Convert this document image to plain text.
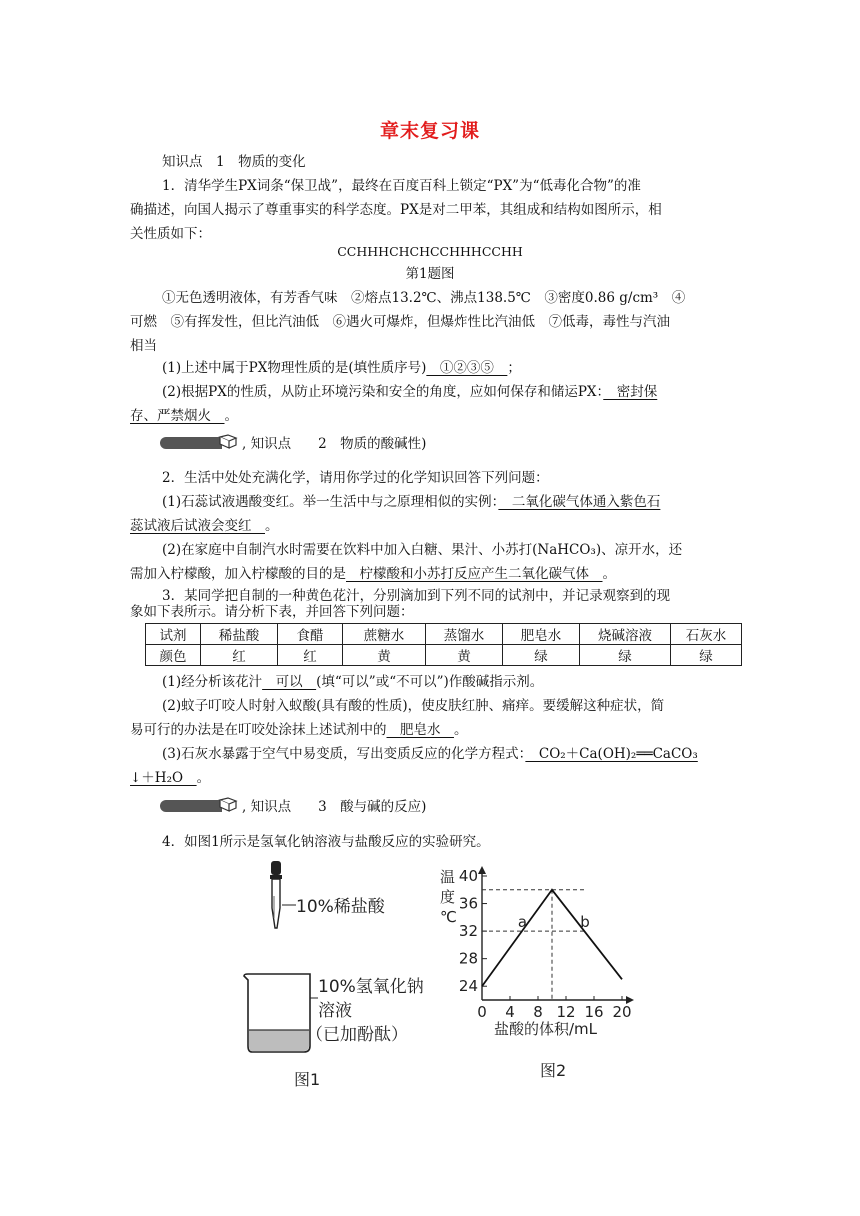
章末复习课
知识点　1　物质的变化
1．清华学生PX词条“保卫战”，最终在百度百科上锁定“PX”为“低毒化合物”的准
确描述，向国人揭示了尊重事实的科学态度。PX是对二甲苯，其组成和结构如图所示，相
关性质如下：
CCHHHCHCHCCHHHCCHH
第1题图
①无色透明液体，有芳香气味　②熔点13.2℃、沸点138.5℃　③密度0.86 g/cm³　④
可燃　⑤有挥发性，但比汽油低　⑥遇火可爆炸，但爆炸性比汽油低　⑦低毒，毒性与汽油
相当
(1)上述中属于PX物理性质的是(填性质序号)　①②③⑤　；
(2)根据PX的性质，从防止环境污染和安全的角度，应如何保存和储运PX：　密封保
存、严禁烟火　。
, 知识点　　2　物质的酸碱性)
2．生活中处处充满化学，请用你学过的化学知识回答下列问题：
(1)石蕊试液遇酸变红。举一生活中与之原理相似的实例：　二氧化碳气体通入紫色石
蕊试液后试液会变红　。
(2)在家庭中自制汽水时需要在饮料中加入白糖、果汁、小苏打(NaHCO₃)、凉开水，还
需加入柠檬酸，加入柠檬酸的目的是　柠檬酸和小苏打反应产生二氧化碳气体　。
3．某同学把自制的一种黄色花汁，分别滴加到下列不同的试剂中，并记录观察到的现
象如下表所示。请分析下表，并回答下列问题：
试剂	稀盐酸	食醋	蔗糖水	蒸馏水	肥皂水	烧碱溶液	石灰水
颜色	红	红	黄	黄	绿	绿	绿
(1)经分析该花汁　可以　(填“可以”或“不可以”)作酸碱指示剂。
(2)蚊子叮咬人时射入蚁酸(具有酸的性质)，使皮肤红肿、痛痒。要缓解这种症状，简
易可行的办法是在叮咬处涂抹上述试剂中的　肥皂水　。
(3)石灰水暴露于空气中易变质，写出变质反应的化学方程式：　CO₂＋Ca(OH)₂══CaCO₃
↓＋H₂O　。
, 知识点　　3　酸与碱的反应)
4．如图1所示是氢氧化钠溶液与盐酸反应的实验研究。
10%稀盐酸
10%氢氧化钠
溶液
（已加酚酞）
图1
温
度
℃
24
28
32
36
40
0 4 8 12 16 20
a	b
盐酸的体积/mL
图2
